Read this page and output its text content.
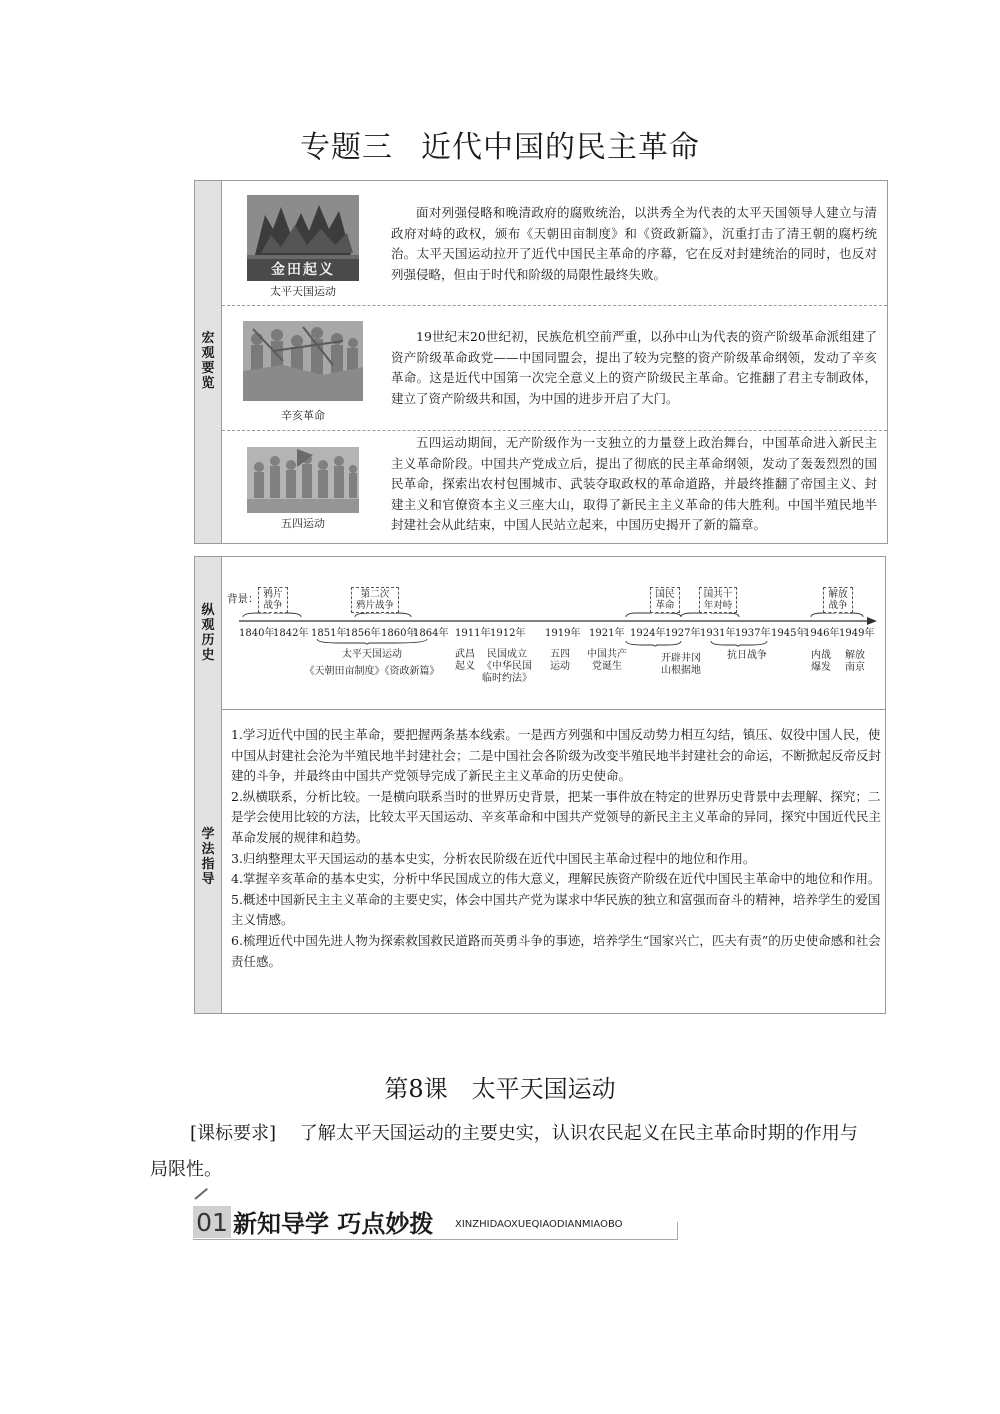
专题三 近代中国的民主革命
宏
观
要
览
金田起义
太平天国运动
面对列强侵略和晚清政府的腐败统治，以洪秀全为代表的太平天国领导人建立与清政府对峙的政权，颁布《天朝田亩制度》和《资政新篇》，沉重打击了清王朝的腐朽统治。太平天国运动拉开了近代中国民主革命的序幕，它在反对封建统治的同时，也反对列强侵略，但由于时代和阶级的局限性最终失败。
辛亥革命
19世纪末20世纪初，民族危机空前严重，以孙中山为代表的资产阶级革命派组建了资产阶级革命政党——中国同盟会，提出了较为完整的资产阶级革命纲领，发动了辛亥革命。这是近代中国第一次完全意义上的资产阶级民主革命。它推翻了君主专制政体，建立了资产阶级共和国，为中国的进步开启了大门。
五四运动
五四运动期间，无产阶级作为一支独立的力量登上政治舞台，中国革命进入新民主主义革命阶段。中国共产党成立后，提出了彻底的民主革命纲领，发动了轰轰烈烈的国民革命，探索出农村包围城市、武装夺取政权的革命道路，并最终推翻了帝国主义、封建主义和官僚资本主义三座大山，取得了新民主主义革命的伟大胜利。中国半殖民地半封建社会从此结束，中国人民站立起来，中国历史揭开了新的篇章。
纵
观
历
史
学
法
指
导
背景： 鸦片
战争
第二次
鸦片战争
国民
革命
国共十
年对峙
解放
战争
1840年
1842年 1851年
1856年 1860年
1864年 1911年 1912年 1919年 1921年 1924年 1927年 1931年 1937年 1945年
1946年 1949年
太平天国运动
《天朝田亩制度》《资政新篇》
武昌
起义
民国成立
《中华民国
临时约法》
五四
运动
中国共产
党诞生
开辟井冈
山根据地
抗日战争	内战
爆发
解放
南京

1.学习近代中国的民主革命，要把握两条基本线索。一是西方列强和中国反动势力相互勾结，镇压、奴役中国人民，使中国从封建社会沦为半殖民地半封建社会；二是中国社会各阶级为改变半殖民地半封建社会的命运，不断掀起反帝反封建的斗争，并最终由中国共产党领导完成了新民主主义革命的历史使命。

2.纵横联系，分析比较。一是横向联系当时的世界历史背景，把某一事件放在特定的世界历史背景中去理解、探究；二是学会使用比较的方法，比较太平天国运动、辛亥革命和中国共产党领导的新民主主义革命的异同，探究中国近代民主革命发展的规律和趋势。

3.归纳整理太平天国运动的基本史实，分析农民阶级在近代中国民主革命过程中的地位和作用。

4.掌握辛亥革命的基本史实，分析中华民国成立的伟大意义，理解民族资产阶级在近代中国民主革命中的地位和作用。

5.概述中国新民主主义革命的主要史实，体会中国共产党为谋求中华民族的独立和富强而奋斗的精神，培养学生的爱国主义情感。

6.梳理近代中国先进人物为探索救国救民道路而英勇斗争的事迹，培养学生“国家兴亡，匹夫有责”的历史使命感和社会责任感。

第8课 太平天国运动
[课标要求] 了解太平天国运动的主要史实，认识农民起义在民主革命时期的作用与局限性。
01 新知导学 巧点妙拨 XINZHIDAOXUEQIAODIANMIAOBO
